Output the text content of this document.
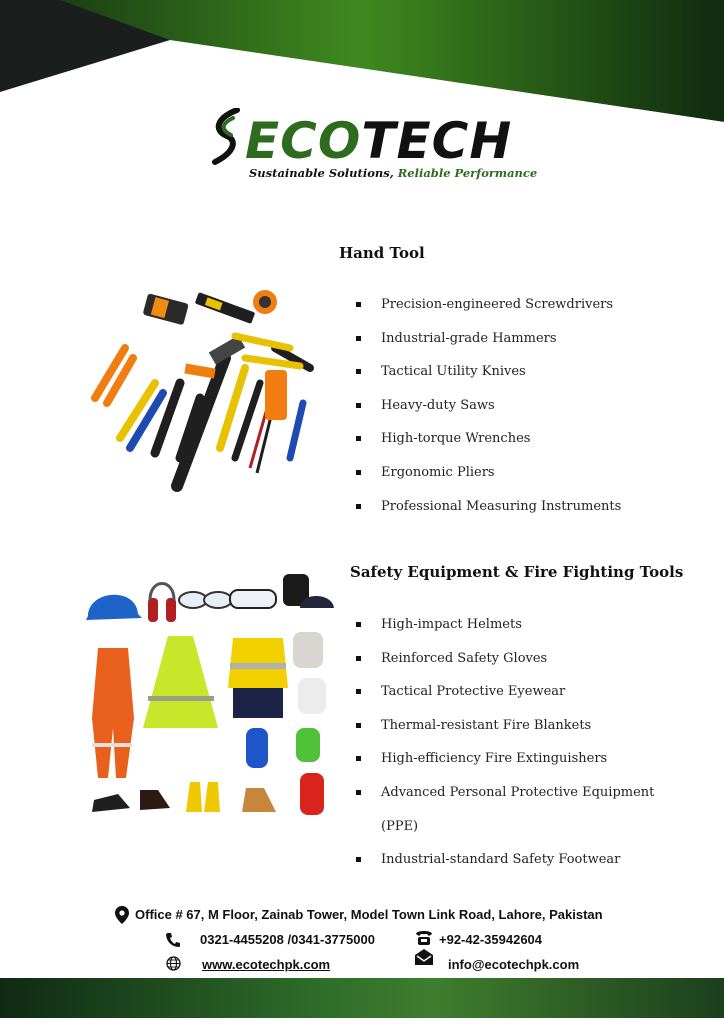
ECOTECH
Sustainable Solutions, Reliable Performance
Hand Tool
Precision-engineered Screwdrivers
Industrial-grade Hammers
Tactical Utility Knives
Heavy-duty Saws
High-torque Wrenches
Ergonomic Pliers
Professional Measuring Instruments
Safety Equipment & Fire Fighting Tools
High-impact Helmets
Reinforced Safety Gloves
Tactical Protective Eyewear
Thermal-resistant Fire Blankets
High-efficiency Fire Extinguishers
Advanced Personal Protective Equipment
(PPE)
Industrial-standard Safety Footwear
Office # 67, M Floor, Zainab Tower, Model Town Link Road, Lahore, Pakistan
0321-4455208 /0341-3775000	+92-42-35942604
www.ecotechpk.com	info@ecotechpk.com
